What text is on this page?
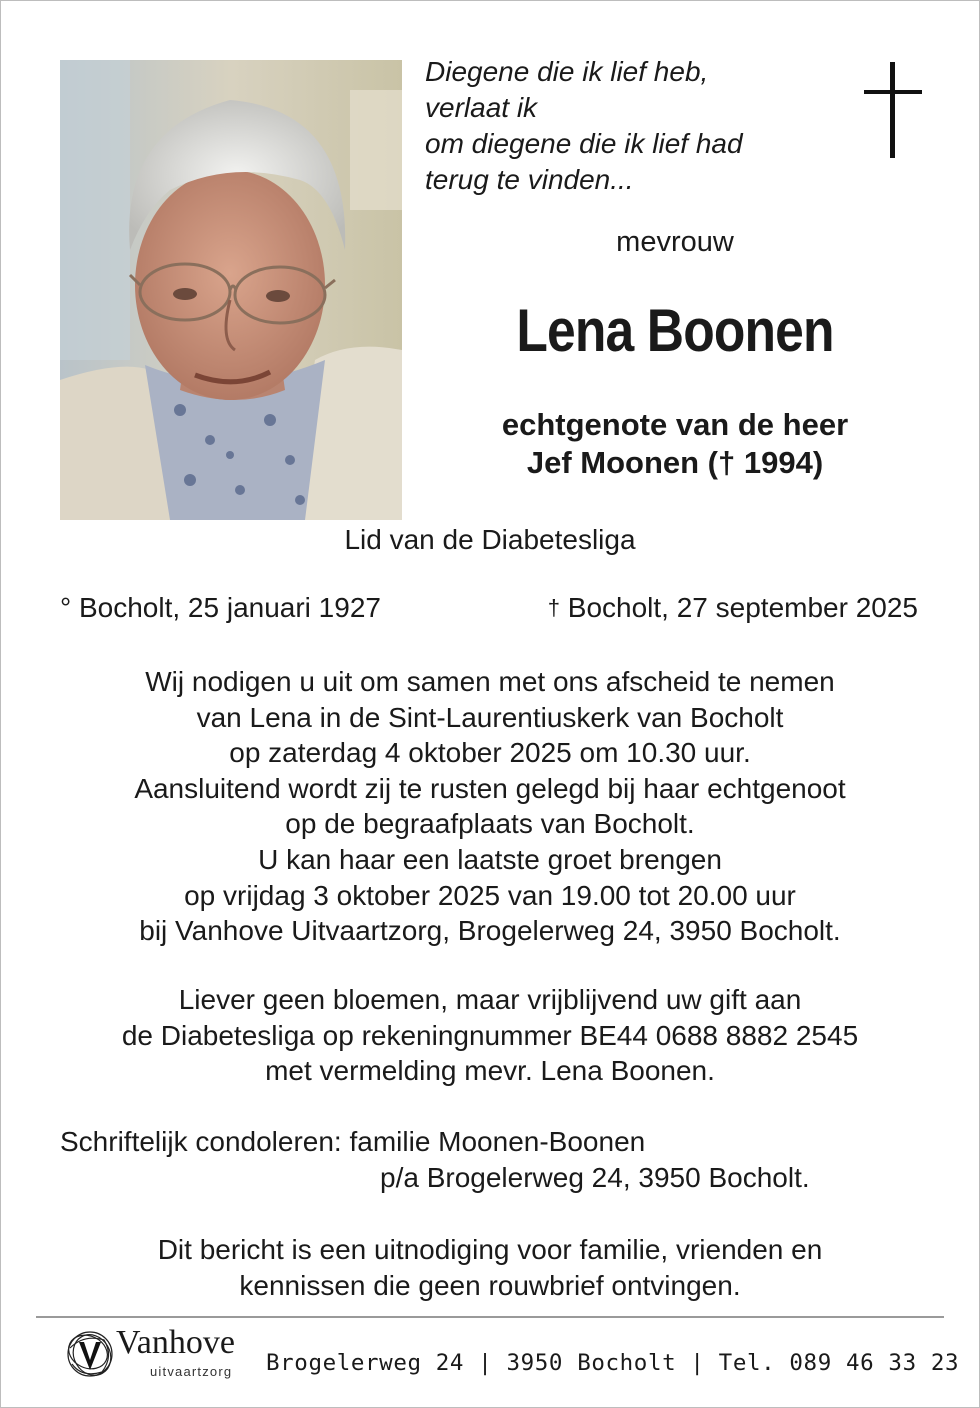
Diegene die ik lief heb,
verlaat ik
om diegene die ik lief had
terug te vinden...
mevrouw
Lena Boonen
echtgenote van de heer
Jef Moonen († 1994)
Lid van de Diabetesliga
° Bocholt, 25 januari 1927	† Bocholt, 27 september 2025
Wij nodigen u uit om samen met ons afscheid te nemen
van Lena in de Sint-Laurentiuskerk van Bocholt
op zaterdag 4 oktober 2025 om 10.30 uur.
Aansluitend wordt zij te rusten gelegd bij haar echtgenoot
op de begraafplaats van Bocholt.
U kan haar een laatste groet brengen
op vrijdag 3 oktober 2025 van 19.00 tot 20.00 uur
bij Vanhove Uitvaartzorg, Brogelerweg 24, 3950 Bocholt.
Liever geen bloemen, maar vrijblijvend uw gift aan
de Diabetesliga op rekeningnummer BE44 0688 8882 2545
met vermelding mevr. Lena Boonen.
Schriftelijk condoleren: familie Moonen-Boonen
p/a Brogelerweg 24, 3950 Bocholt.
Dit bericht is een uitnodiging voor familie, vrienden en
kennissen die geen rouwbrief ontvingen.
Vanhove
uitvaartzorg Brogelerweg 24 | 3950 Bocholt | Tel. 089 46 33 23
